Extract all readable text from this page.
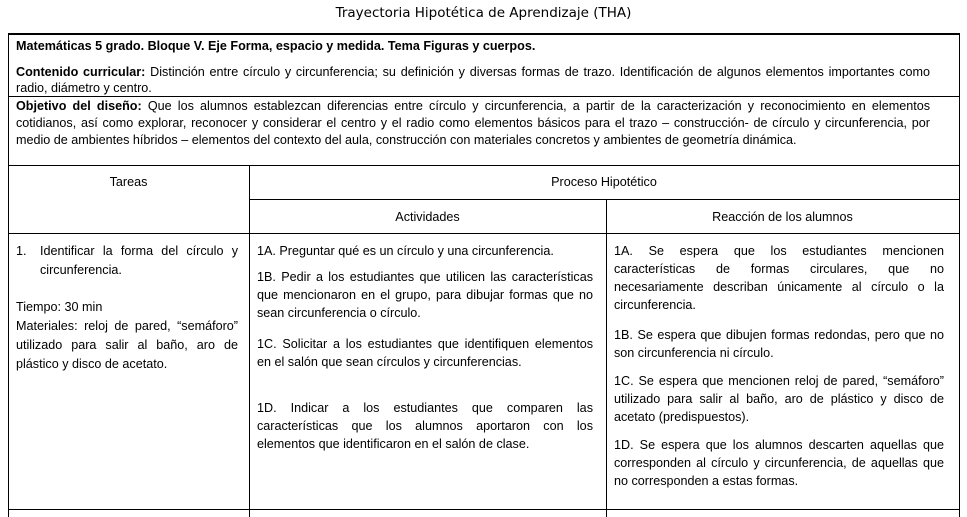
Trayectoria Hipotética de Aprendizaje (THA)
Matemáticas 5 grado. Bloque V. Eje Forma, espacio y medida. Tema Figuras y cuerpos.
Contenido curricular: Distinción entre círculo y circunferencia; su definición y diversas formas de trazo. Identificación de algunos elementos importantes como radio, diámetro y centro.
Objetivo del diseño: Que los alumnos establezcan diferencias entre círculo y circunferencia, a partir de la caracterización y reconocimiento en elementos cotidianos, así como explorar, reconocer y considerar el centro y el radio como elementos básicos para el trazo – construcción- de círculo y circunferencia, por medio de ambientes híbridos – elementos del contexto del aula, construcción con materiales concretos y ambientes de geometría dinámica.
Tareas	Proceso Hipotético
Actividades	Reacción de los alumnos
1. Identificar la forma del círculo y circunferencia.
Tiempo: 30 min
Materiales: reloj de pared, “semáforo” utilizado para salir al baño, aro de plástico y disco de acetato.
1A. Preguntar qué es un círculo y una circunferencia.
1B. Pedir a los estudiantes que utilicen las características que mencionaron en el grupo, para dibujar formas que no sean circunferencia o círculo.
1C. Solicitar a los estudiantes que identifiquen elementos en el salón que sean círculos y circunferencias.
1D. Indicar a los estudiantes que comparen las características que los alumnos aportaron con los elementos que identificaron en el salón de clase.
1A. Se espera que los estudiantes mencionen características de formas circulares, que no necesariamente describan únicamente al círculo o la circunferencia.
1B. Se espera que dibujen formas redondas, pero que no son circunferencia ni círculo.
1C. Se espera que mencionen reloj de pared, “semáforo” utilizado para salir al baño, aro de plástico y disco de acetato (predispuestos).
1D. Se espera que los alumnos descarten aquellas que corresponden al círculo y circunferencia, de aquellas que no corresponden a estas formas.
